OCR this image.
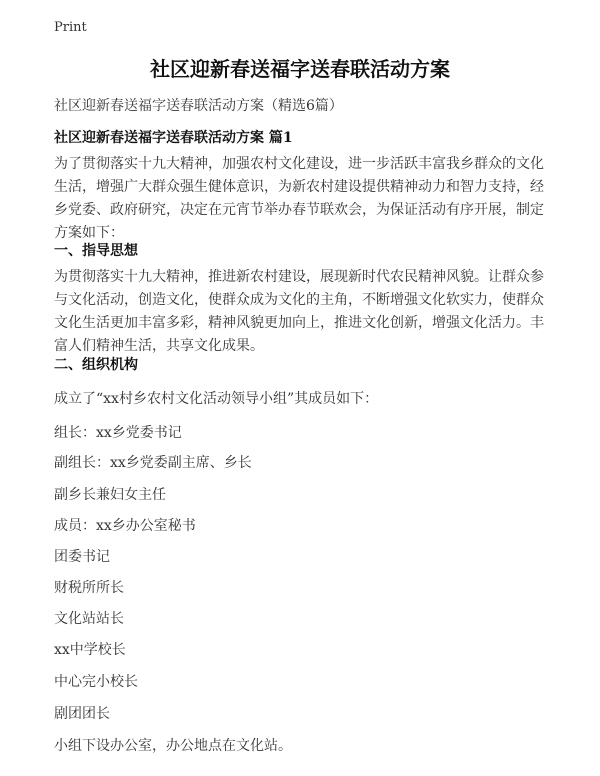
Print
社区迎新春送福字送春联活动方案

社区迎新春送福字送春联活动方案（精选6篇）

社区迎新春送福字送春联活动方案 篇1

为了贯彻落实十九大精神，加强农村文化建设，进一步活跃丰富我乡群众的文化生活，增强广大群众强生健体意识，为新农村建设提供精神动力和智力支持，经乡党委、政府研究，决定在元宵节举办春节联欢会，为保证活动有序开展，制定方案如下：

一、指导思想

为贯彻落实十九大精神，推进新农村建设，展现新时代农民精神风貌。让群众参与文化活动，创造文化，使群众成为文化的主角，不断增强文化软实力，使群众文化生活更加丰富多彩，精神风貌更加向上，推进文化创新，增强文化活力。丰富人们精神生活，共享文化成果。

二、组织机构

成立了“xx村乡农村文化活动领导小组”其成员如下：

组长：xx乡党委书记

副组长：xx乡党委副主席、乡长

副乡长兼妇女主任

成员：xx乡办公室秘书

团委书记

财税所所长

文化站站长

xx中学校长

中心完小校长

剧团团长

小组下设办公室，办公地点在文化站。
